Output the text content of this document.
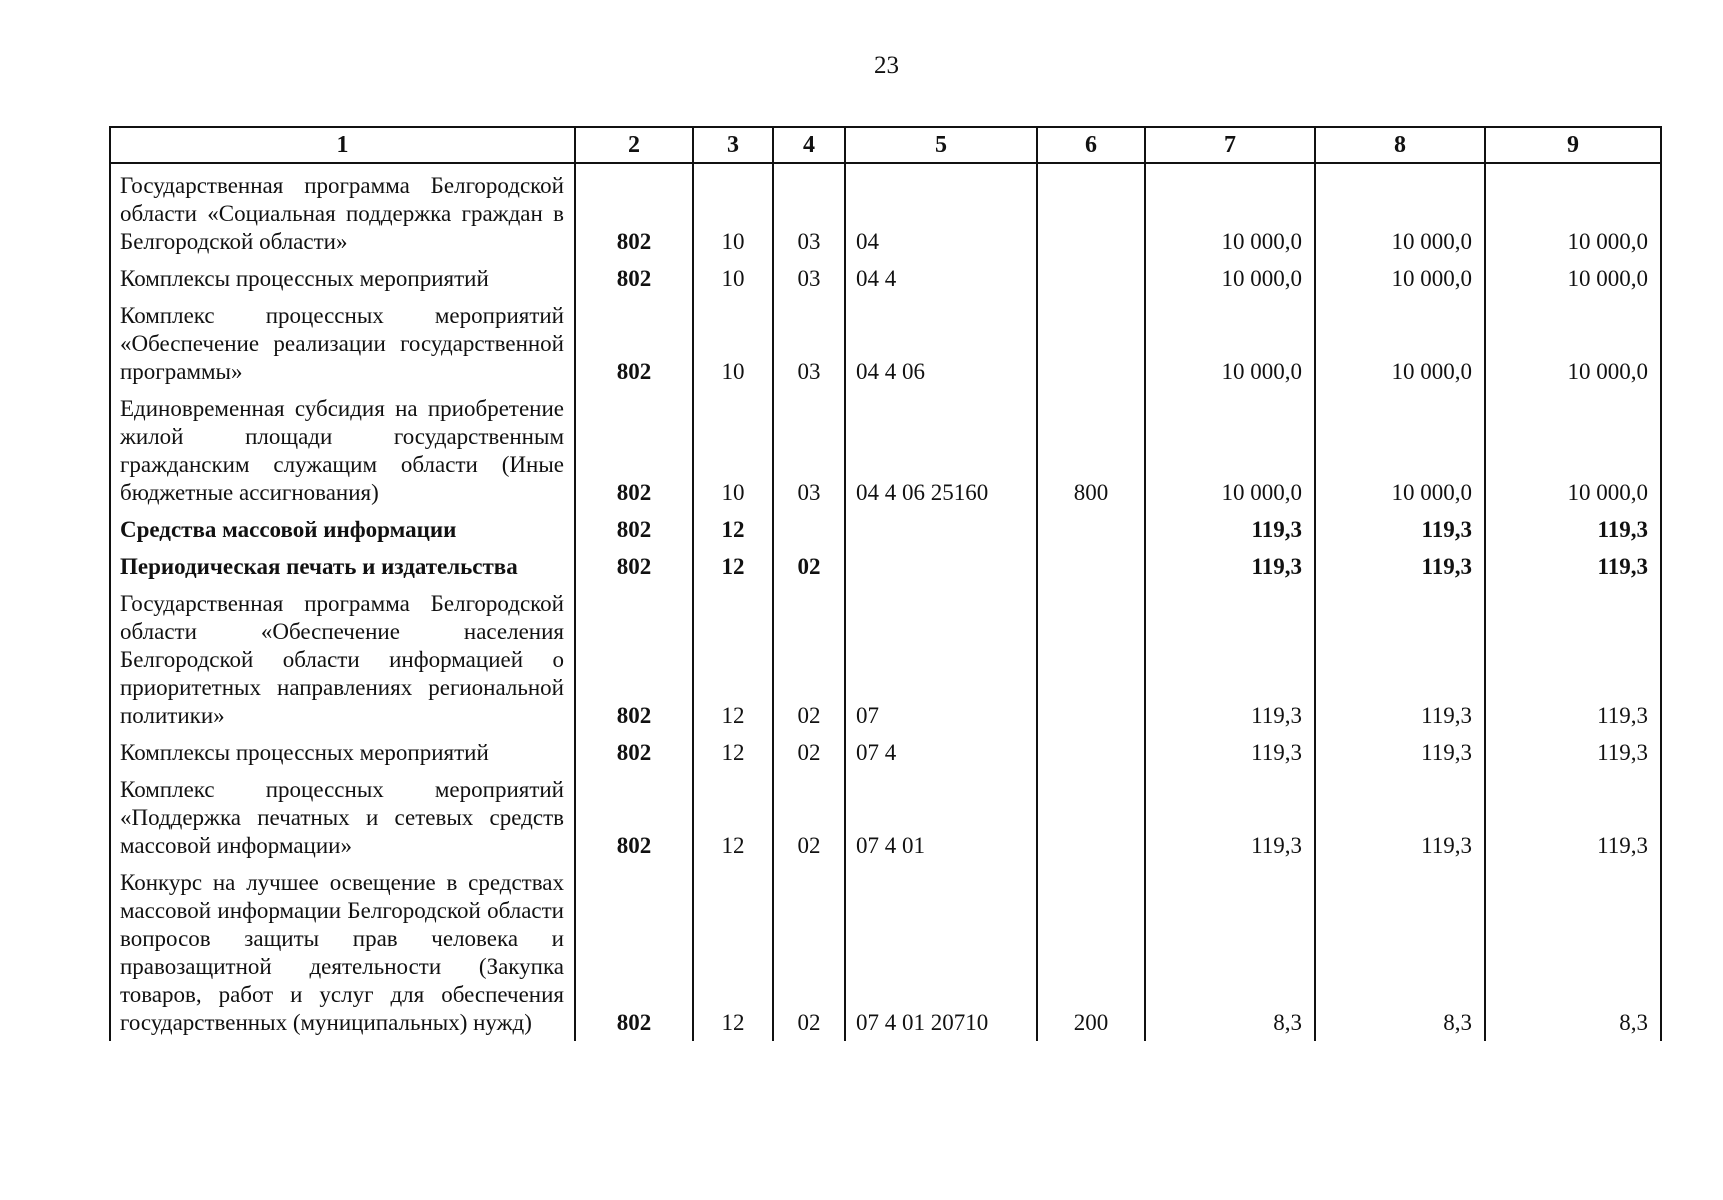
23
1	2	3	4	5	6	7	8	9
Государственная программа Белгородской области «Социальная поддержка граждан в Белгородской области»	802	10	03	04		10 000,0	10 000,0	10 000,0
Комплексы процессных мероприятий	802	10	03	04 4		10 000,0	10 000,0	10 000,0
Комплекс процессных мероприятий «Обеспечение реализации государственной программы»	802	10	03	04 4 06		10 000,0	10 000,0	10 000,0
Единовременная субсидия на приобретение жилой площади государственным гражданским служащим области (Иные бюджетные ассигнования)	802	10	03	04 4 06 25160	800	10 000,0	10 000,0	10 000,0
Средства массовой информации	802	12				119,3	119,3	119,3
Периодическая печать и издательства	802	12	02			119,3	119,3	119,3
Государственная программа Белгородской области «Обеспечение населения Белгородской области информацией о приоритетных направлениях региональной политики»	802	12	02	07		119,3	119,3	119,3
Комплексы процессных мероприятий	802	12	02	07 4		119,3	119,3	119,3
Комплекс процессных мероприятий «Поддержка печатных и сетевых средств массовой информации»	802	12	02	07 4 01		119,3	119,3	119,3
Конкурс на лучшее освещение в средствах массовой информации Белгородской области вопросов защиты прав человека и правозащитной деятельности (Закупка товаров, работ и услуг для обеспечения государственных (муниципальных) нужд)	802	12	02	07 4 01 20710	200	8,3	8,3	8,3
